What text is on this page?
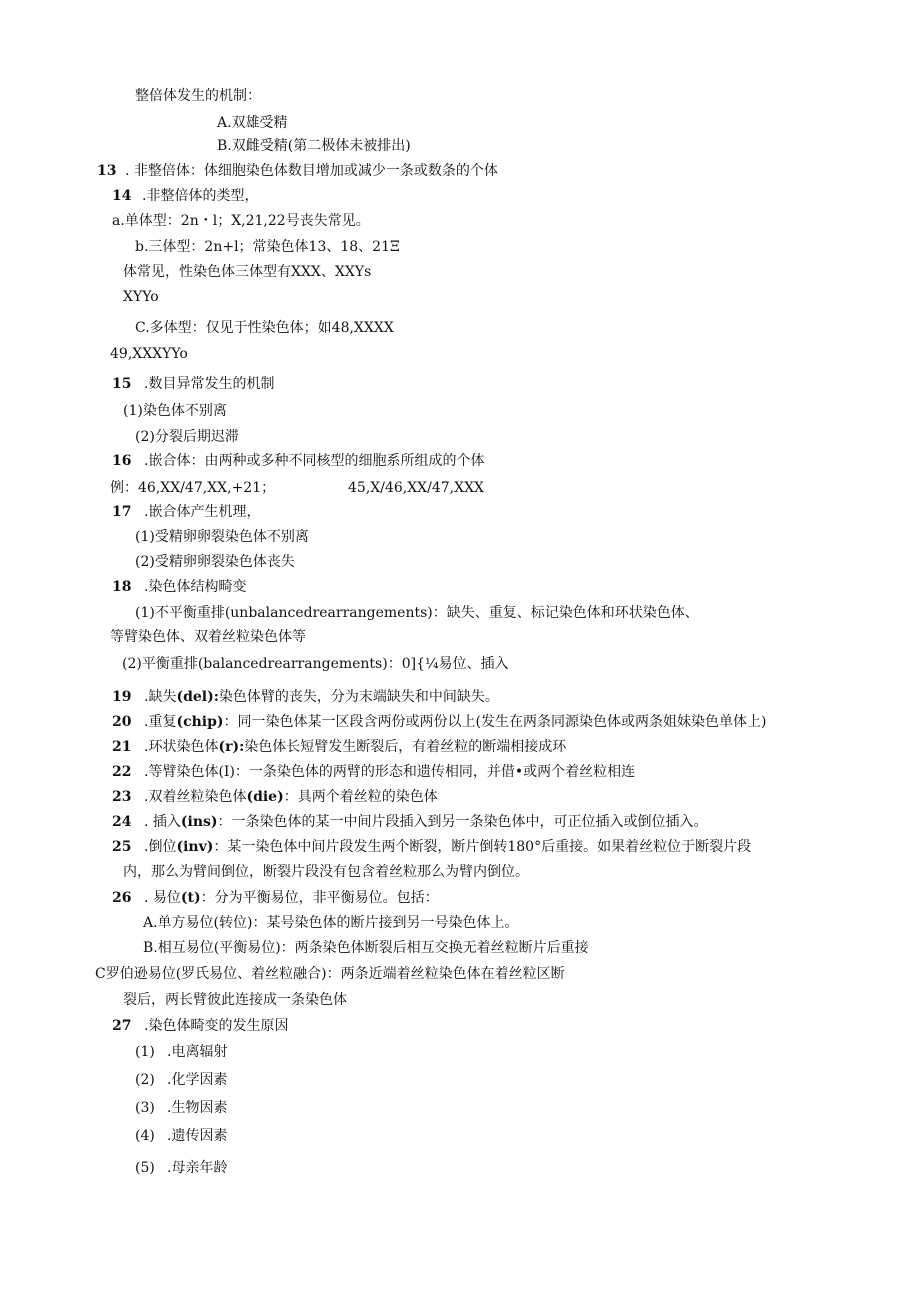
整倍体发生的机制：
A.双雄受精
B.双雌受精(第二极体未被排出)
13 . 非整倍体：体细胞染色体数目增加或减少一条或数条的个体
14 .非整倍体的类型，
a.单体型：2n・l；X,21,22号丧失常见。
b.三体型：2n+l；常染色体13、18、21Ξ
体常见，性染色体三体型有XXX、XXYs
XYYo
C.多体型：仅见于性染色体；如48,XXXX
49,XXXYYo
15 .数目异常发生的机制
(1)染色体不别离
(2)分裂后期迟滞
16 .嵌合体：由两种或多种不同核型的细胞系所组成的个体
例：46,XX/47,XX,+21；	45,X/46,XX/47,XXX
17 .嵌合体产生机理，
(1)受精卵卵裂染色体不别离
(2)受精卵卵裂染色体丧失
18 .染色体结构畸变
(1)不平衡重排(unbalancedrearrangements)：缺失、重复、标记染色体和环状染色体、
等臂染色体、双着丝粒染色体等
(2)平衡重排(balancedrearrangements)：0]{¼易位、插入
19 .缺失(del):染色体臂的丧失，分为末端缺失和中间缺失。
20 .重复(chip)：同一染色体某一区段含两份或两份以上(发生在两条同源染色体或两条姐妹染色单体上)
21 .环状染色体(r):染色体长短臂发生断裂后，有着丝粒的断端相接成环
22 .等臂染色体(I)：一条染色体的两臂的形态和遗传相同，并借•或两个着丝粒相连
23 .双着丝粒染色体(die)：具两个着丝粒的染色体
24 . 插入(ins)：一条染色体的某一中间片段插入到另一条染色体中，可正位插入或倒位插入。
25 .倒位(inv)：某一染色体中间片段发生两个断裂，断片倒转180°后重接。如果着丝粒位于断裂片段
内，那么为臂间倒位，断裂片段没有包含着丝粒那么为臂内倒位。
26 . 易位(t)：分为平衡易位，非平衡易位。包括：
A.单方易位(转位)：某号染色体的断片接到另一号染色体上。
B.相互易位(平衡易位)：两条染色体断裂后相互交换无着丝粒断片后重接
C罗伯逊易位(罗氏易位、着丝粒融合)：两条近端着丝粒染色体在着丝粒区断
裂后，两长臂彼此连接成一条染色体
27 .染色体畸变的发生原因
(1) .电离辐射
(2) .化学因素
(3) .生物因素
(4) .遗传因素
(5) .母亲年龄
